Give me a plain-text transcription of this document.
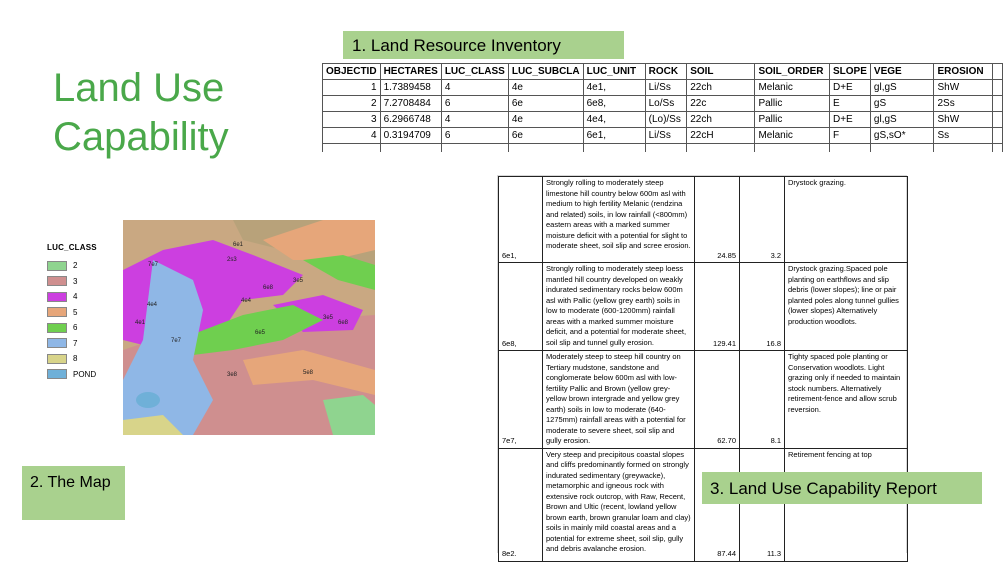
Land Use Capability
1. Land Resource Inventory
2. The Map
OBJECTID	HECTARES	LUC_CLASS	LUC_SUBCLA	LUC_UNIT	ROCK	SOIL	SOIL_ORDER	SLOPE	VEGE	EROSION	
1	1.7389458	4	4e	4e1,	Li/Ss	22ch	Melanic	D+E	gl,gS	ShW	
2	7.2708484	6	6e	6e8,	Lo/Ss	22c	Pallic	E	gS	2Ss	
3	6.2966748	4	4e	4e4,	(Lo)/Ss	22ch	Pallic	D+E	gl,gS	ShW	
4	0.3194709	6	6e	6e1,	Li/Ss	22cH	Melanic	F	gS,sO*	Ss	

LUC_CLASS
2
3
4
5
6
7
8
POND
6e1
2s3
7e7
4e4
6e8
3e5
4e4
6e5
7e7
3e8	5e8
3e5
4e1	6e8
6e1,	Strongly rolling to moderately steep limestone hill country below 600m asl with medium to high fertility Melanic (rendzina and related) soils, in low rainfall (<800mm) eastern areas with a marked summer moisture deficit with a potential for slight to moderate sheet, soil slip and scree erosion.	24.85	3.2	Drystock grazing.
6e8,	Strongly rolling to moderately steep loess mantled hill country developed on weakly indurated sedimentary rocks below 600m asl with Pallic (yellow grey earth) soils in low to moderate (600-1200mm) rainfall areas with a marked summer moisture deficit, and a potential for moderate sheet, soil slip and tunnel gully erosion.	129.41	16.8	Drystock grazing.Spaced pole planting on earthflows and slip debris (lower slopes); line or pair planted poles along tunnel gullies (lower slopes) Alternatively production woodlots.
7e7,	Moderately steep to steep hill country on Tertiary mudstone, sandstone and conglomerate below 600m asl with low-fertility Pallic and Brown (yellow grey-yellow brown intergrade and yellow grey earth) soils in low to moderate (640-1275mm) rainfall areas with a potential for moderate to severe sheet, soil slip and gully erosion.	62.70	8.1	Tighty spaced pole planting or Conservation woodlots. Light grazing only if needed to maintain stock numbers. Alternatively retirement-fence and allow scrub reversion.
8e2.	Very steep and precipitous coastal slopes and cliffs predominantly formed on strongly indurated sedimentary (greywacke), metamorphic and igneous rock with extensive rock outcrop, with Raw, Recent, Brown and Ultic (recent, lowland yellow brown earth, brown granular loam and clay) soils in mainly mild coastal areas and a potential for extreme sheet, soil slip, gully and debris avalanche erosion.	87.44	11.3	Retirement fencing at top
3. Land Use Capability Report
